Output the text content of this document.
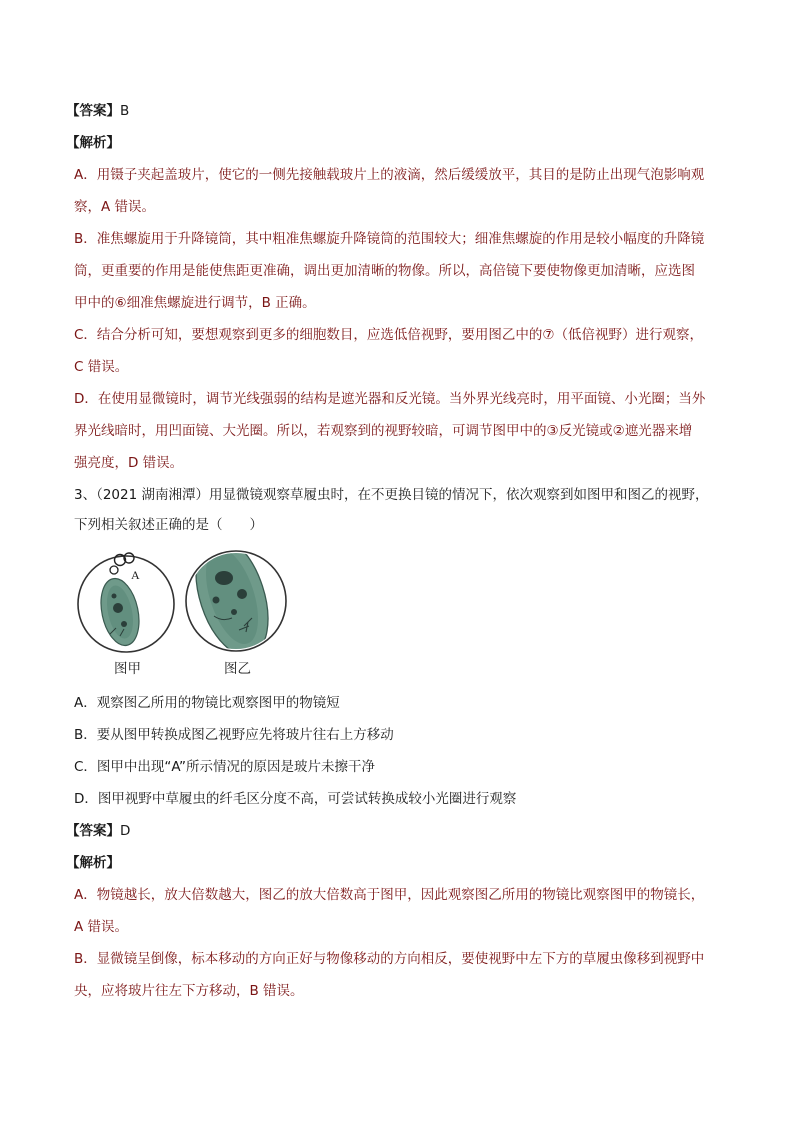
【答案】B
【解析】
A．用镊子夹起盖玻片，使它的一侧先接触载玻片上的液滴，然后缓缓放平，其目的是防止出现气泡影响观
察，A 错误。
B．准焦螺旋用于升降镜筒，其中粗准焦螺旋升降镜筒的范围较大；细准焦螺旋的作用是较小幅度的升降镜
筒，更重要的作用是能使焦距更准确，调出更加清晰的物像。所以，高倍镜下要使物像更加清晰，应选图
甲中的⑥细准焦螺旋进行调节，B 正确。
C．结合分析可知，要想观察到更多的细胞数目，应选低倍视野，要用图乙中的⑦（低倍视野）进行观察，
C 错误。
D．在使用显微镜时，调节光线强弱的结构是遮光器和反光镜。当外界光线亮时，用平面镜、小光圈；当外
界光线暗时，用凹面镜、大光圈。所以，若观察到的视野较暗，可调节图甲中的③反光镜或②遮光器来增
强亮度，D 错误。
3、（2021 湖南湘潭）用显微镜观察草履虫时，在不更换目镜的情况下，依次观察到如图甲和图乙的视野，
下列相关叙述正确的是（　　）
A
图甲	图乙
A．观察图乙所用的物镜比观察图甲的物镜短
B．要从图甲转换成图乙视野应先将玻片往右上方移动
C．图甲中出现“A”所示情况的原因是玻片未擦干净
D．图甲视野中草履虫的纤毛区分度不高，可尝试转换成较小光圈进行观察
【答案】D
【解析】
A．物镜越长，放大倍数越大，图乙的放大倍数高于图甲，因此观察图乙所用的物镜比观察图甲的物镜长，
A 错误。
B．显微镜呈倒像，标本移动的方向正好与物像移动的方向相反，要使视野中左下方的草履虫像移到视野中
央，应将玻片往左下方移动，B 错误。
